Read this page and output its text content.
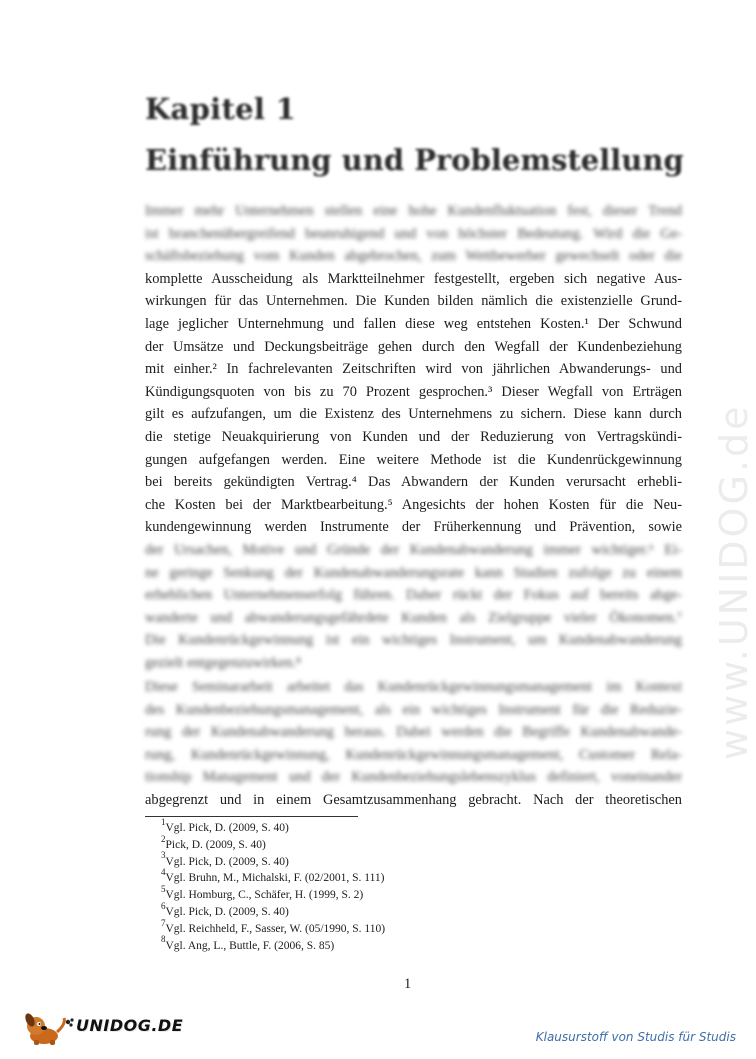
Kapitel 1
Einführung und Problemstellung
Immer mehr Unternehmen stellen eine hohe Kundenfluktuation fest, dieser Trend
ist branchenübergreifend beunruhigend und von höchster Bedeutung. Wird die Ge-
schäftsbeziehung vom Kunden abgebrochen, zum Wettbewerber gewechselt oder die
komplette Ausscheidung als Marktteilnehmer festgestellt, ergeben sich negative Aus-
wirkungen für das Unternehmen. Die Kunden bilden nämlich die existenzielle Grund-
lage jeglicher Unternehmung und fallen diese weg entstehen Kosten.¹ Der Schwund
der Umsätze und Deckungsbeiträge gehen durch den Wegfall der Kundenbeziehung
mit einher.² In fachrelevanten Zeitschriften wird von jährlichen Abwanderungs- und
Kündigungsquoten von bis zu 70 Prozent gesprochen.³ Dieser Wegfall von Erträgen
gilt es aufzufangen, um die Existenz des Unternehmens zu sichern. Diese kann durch
die stetige Neuakquirierung von Kunden und der Reduzierung von Vertragskündi-
gungen aufgefangen werden. Eine weitere Methode ist die Kundenrückgewinnung
bei bereits gekündigten Vertrag.⁴ Das Abwandern der Kunden verursacht erhebli-
che Kosten bei der Marktbearbeitung.⁵ Angesichts der hohen Kosten für die Neu-
kundengewinnung werden Instrumente der Früherkennung und Prävention, sowie
der Ursachen, Motive und Gründe der Kundenabwanderung immer wichtiger.⁶ Ei-
ne geringe Senkung der Kundenabwanderungsrate kann Studien zufolge zu einem
erheblichen Unternehmenserfolg führen. Daher rückt der Fokus auf bereits abge-
wanderte und abwanderungsgefährdete Kunden als Zielgruppe vieler Ökonomen.⁷
Die Kundenrückgewinnung ist ein wichtiges Instrument, um Kundenabwanderung
gezielt entgegenzuwirken.⁸
Diese Seminararbeit arbeitet das Kundenrückgewinnungsmanagement im Kontext
des Kundenbeziehungsmanagement, als ein wichtiges Instrument für die Reduzie-
rung der Kundenabwanderung heraus. Dabei werden die Begriffe Kundenabwande-
rung, Kundenrückgewinnung, Kundenrückgewinnungsmanagement, Customer Rela-
tionship Management und der Kundenbeziehungslebenszyklus definiert, voneinander
abgegrenzt und in einem Gesamtzusammenhang gebracht. Nach der theoretischen
$^1$Vgl. Pick, D. (2009, S. 40)
$^2$Pick, D. (2009, S. 40)
$^3$Vgl. Pick, D. (2009, S. 40)
$^4$Vgl. Bruhn, M., Michalski, F. (02/2001, S. 111)
$^5$Vgl. Homburg, C., Schäfer, H. (1999, S. 2)
$^6$Vgl. Pick, D. (2009, S. 40)
$^7$Vgl. Reichheld, F., Sasser, W. (05/1990, S. 110)
$^8$Vgl. Ang, L., Buttle, F. (2006, S. 85)
1
www.UNIDOG.de
UNIDOG.DE
Klausurstoff von Studis für Studis
